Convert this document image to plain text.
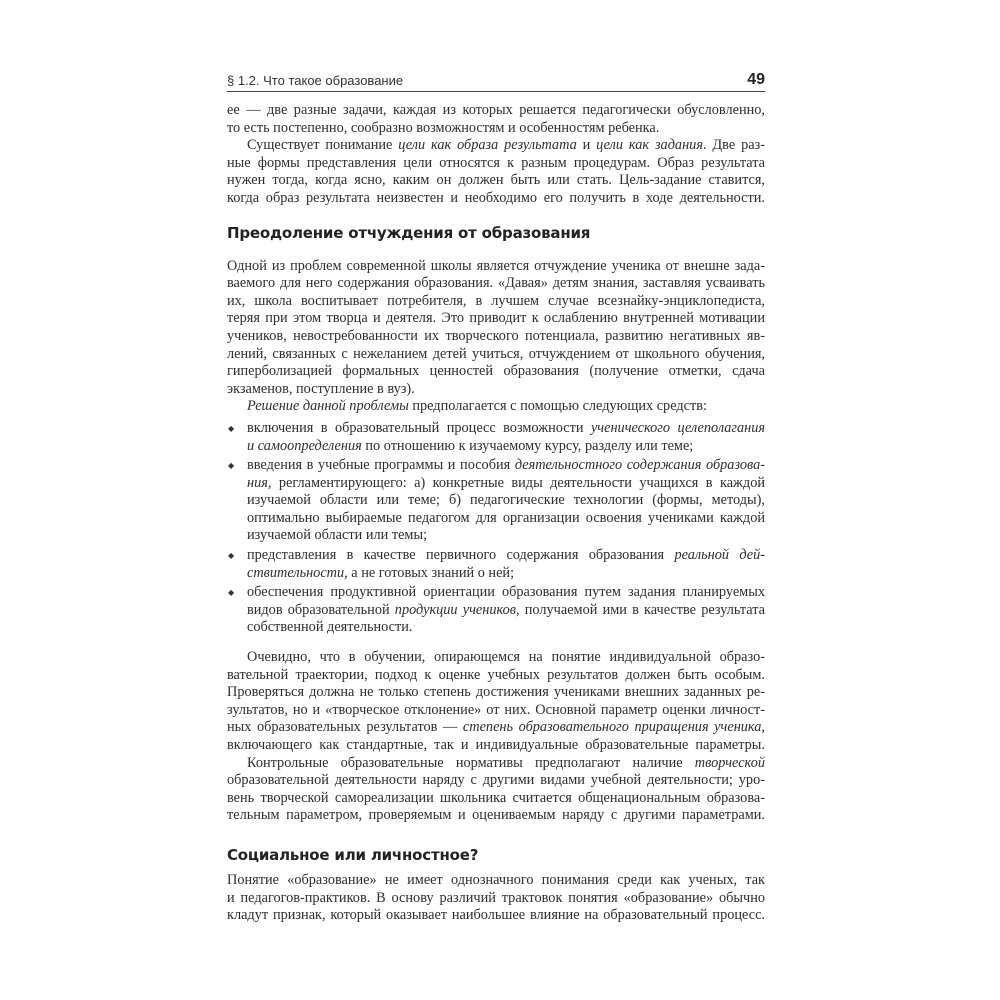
§ 1.2. Что такое образование	49
ее — две разные задачи, каждая из которых решается педагогически обусловленно,
то есть постепенно, сообразно возможностям и особенностям ребенка.
Существует понимание цели как образа результата и цели как задания. Две раз-
ные формы представления цели относятся к разным процедурам. Образ результата
нужен тогда, когда ясно, каким он должен быть или стать. Цель-задание ставится,
когда образ результата неизвестен и необходимо его получить в ходе деятельности.
Преодоление отчуждения от образования
Одной из проблем современной школы является отчуждение ученика от внешне зада-
ваемого для него содержания образования. «Давая» детям знания, заставляя усваивать
их, школа воспитывает потребителя, в лучшем случае всезнайку-энциклопедиста,
теряя при этом творца и деятеля. Это приводит к ослаблению внутренней мотивации
учеников, невостребованности их творческого потенциала, развитию негативных яв-
лений, связанных с нежеланием детей учиться, отчуждением от школьного обучения,
гиперболизацией формальных ценностей образования (получение отметки, сдача
экзаменов, поступление в вуз).
Решение данной проблемы предполагается с помощью следующих средств:
◆ включения в образовательный процесс возможности ученического целеполагания
и самоопределения по отношению к изучаемому курсу, разделу или теме;
◆ введения в учебные программы и пособия деятельностного содержания образова-
ния, регламентирующего: а) конкретные виды деятельности учащихся в каждой
изучаемой области или теме; б) педагогические технологии (формы, методы),
оптимально выбираемые педагогом для организации освоения учениками каждой
изучаемой области или темы;
◆ представления в качестве первичного содержания образования реальной дей-
ствительности, а не готовых знаний о ней;
◆ обеспечения продуктивной ориентации образования путем задания планируемых
видов образовательной продукции учеников, получаемой ими в качестве результата
собственной деятельности.
Очевидно, что в обучении, опирающемся на понятие индивидуальной образо-
вательной траектории, подход к оценке учебных результатов должен быть особым.
Проверяться должна не только степень достижения учениками внешних заданных ре-
зультатов, но и «творческое отклонение» от них. Основной параметр оценки личност-
ных образовательных результатов — степень образовательного приращения ученика,
включающего как стандартные, так и индивидуальные образовательные параметры.
Контрольные образовательные нормативы предполагают наличие творческой
образовательной деятельности наряду с другими видами учебной деятельности; уро-
вень творческой самореализации школьника считается общенациональным образова-
тельным параметром, проверяемым и оцениваемым наряду с другими параметрами.
Социальное или личностное?
Понятие «образование» не имеет однозначного понимания среди как ученых, так
и педагогов-практиков. В основу различий трактовок понятия «образование» обычно
кладут признак, который оказывает наибольшее влияние на образовательный процесс.
